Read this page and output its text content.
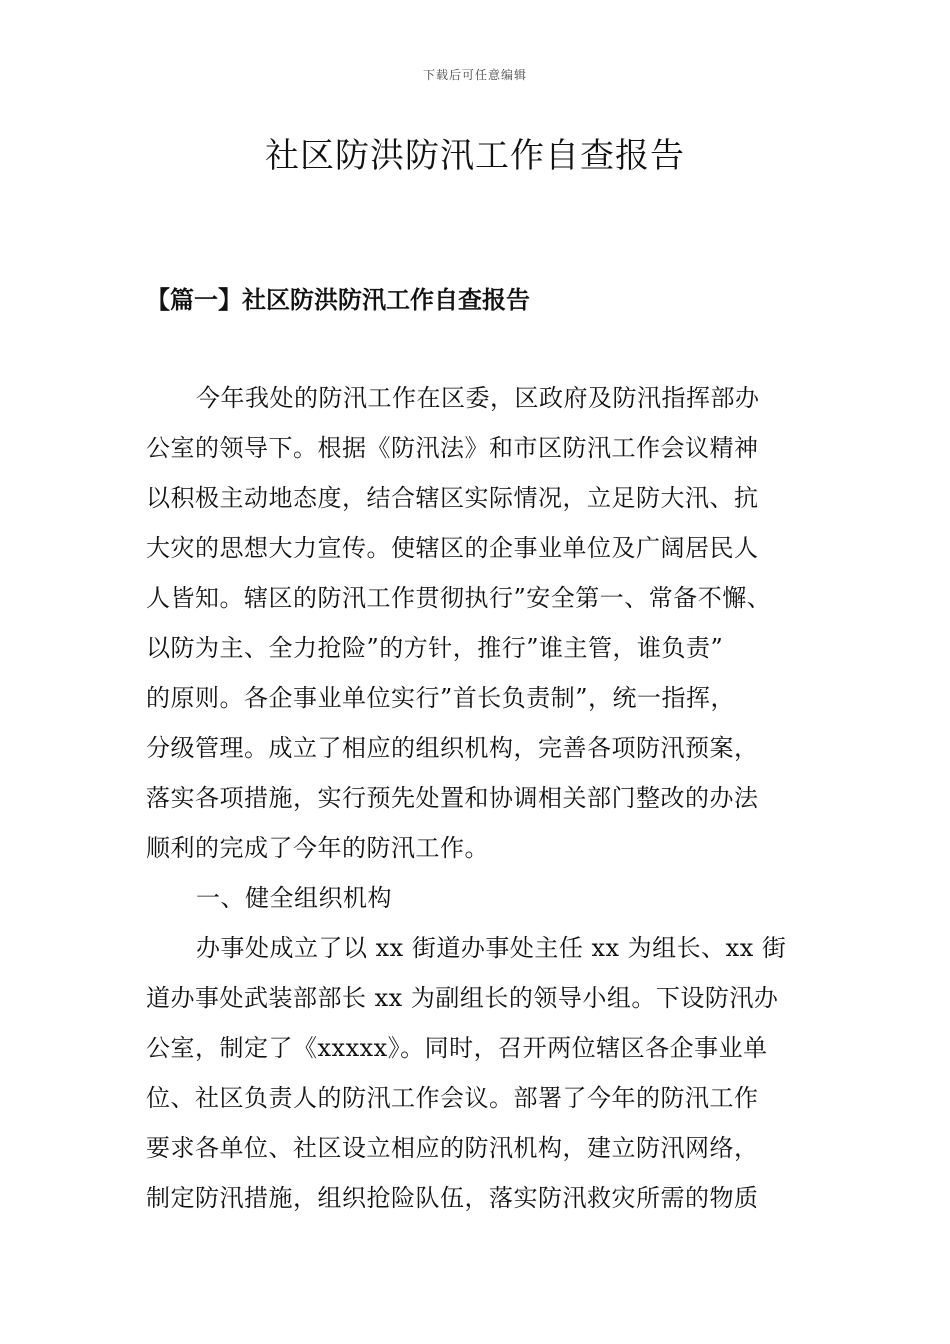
下载后可任意编辑
社区防洪防汛工作自查报告
【篇一】社区防洪防汛工作自查报告
今年我处的防汛工作在区委，区政府及防汛指挥部办
公室的领导下。根据《防汛法》和市区防汛工作会议精神
以积极主动地态度，结合辖区实际情况，立足防大汛、抗
大灾的思想大力宣传。使辖区的企事业单位及广阔居民人
人皆知。辖区的防汛工作贯彻执行”安全第一、常备不懈、
以防为主、全力抢险”的方针，推行”谁主管，谁负责”
的原则。各企事业单位实行”首长负责制”，统一指挥，
分级管理。成立了相应的组织机构，完善各项防汛预案，
落实各项措施，实行预先处置和协调相关部门整改的办法
顺利的完成了今年的防汛工作。
一、健全组织机构
办事处成立了以 xx 街道办事处主任 xx 为组长、xx 街
道办事处武装部部长 xx 为副组长的领导小组。下设防汛办
公室，制定了《xxxxx》。同时，召开两位辖区各企事业单
位、社区负责人的防汛工作会议。部署了今年的防汛工作
要求各单位、社区设立相应的防汛机构，建立防汛网络，
制定防汛措施，组织抢险队伍，落实防汛救灾所需的物质
